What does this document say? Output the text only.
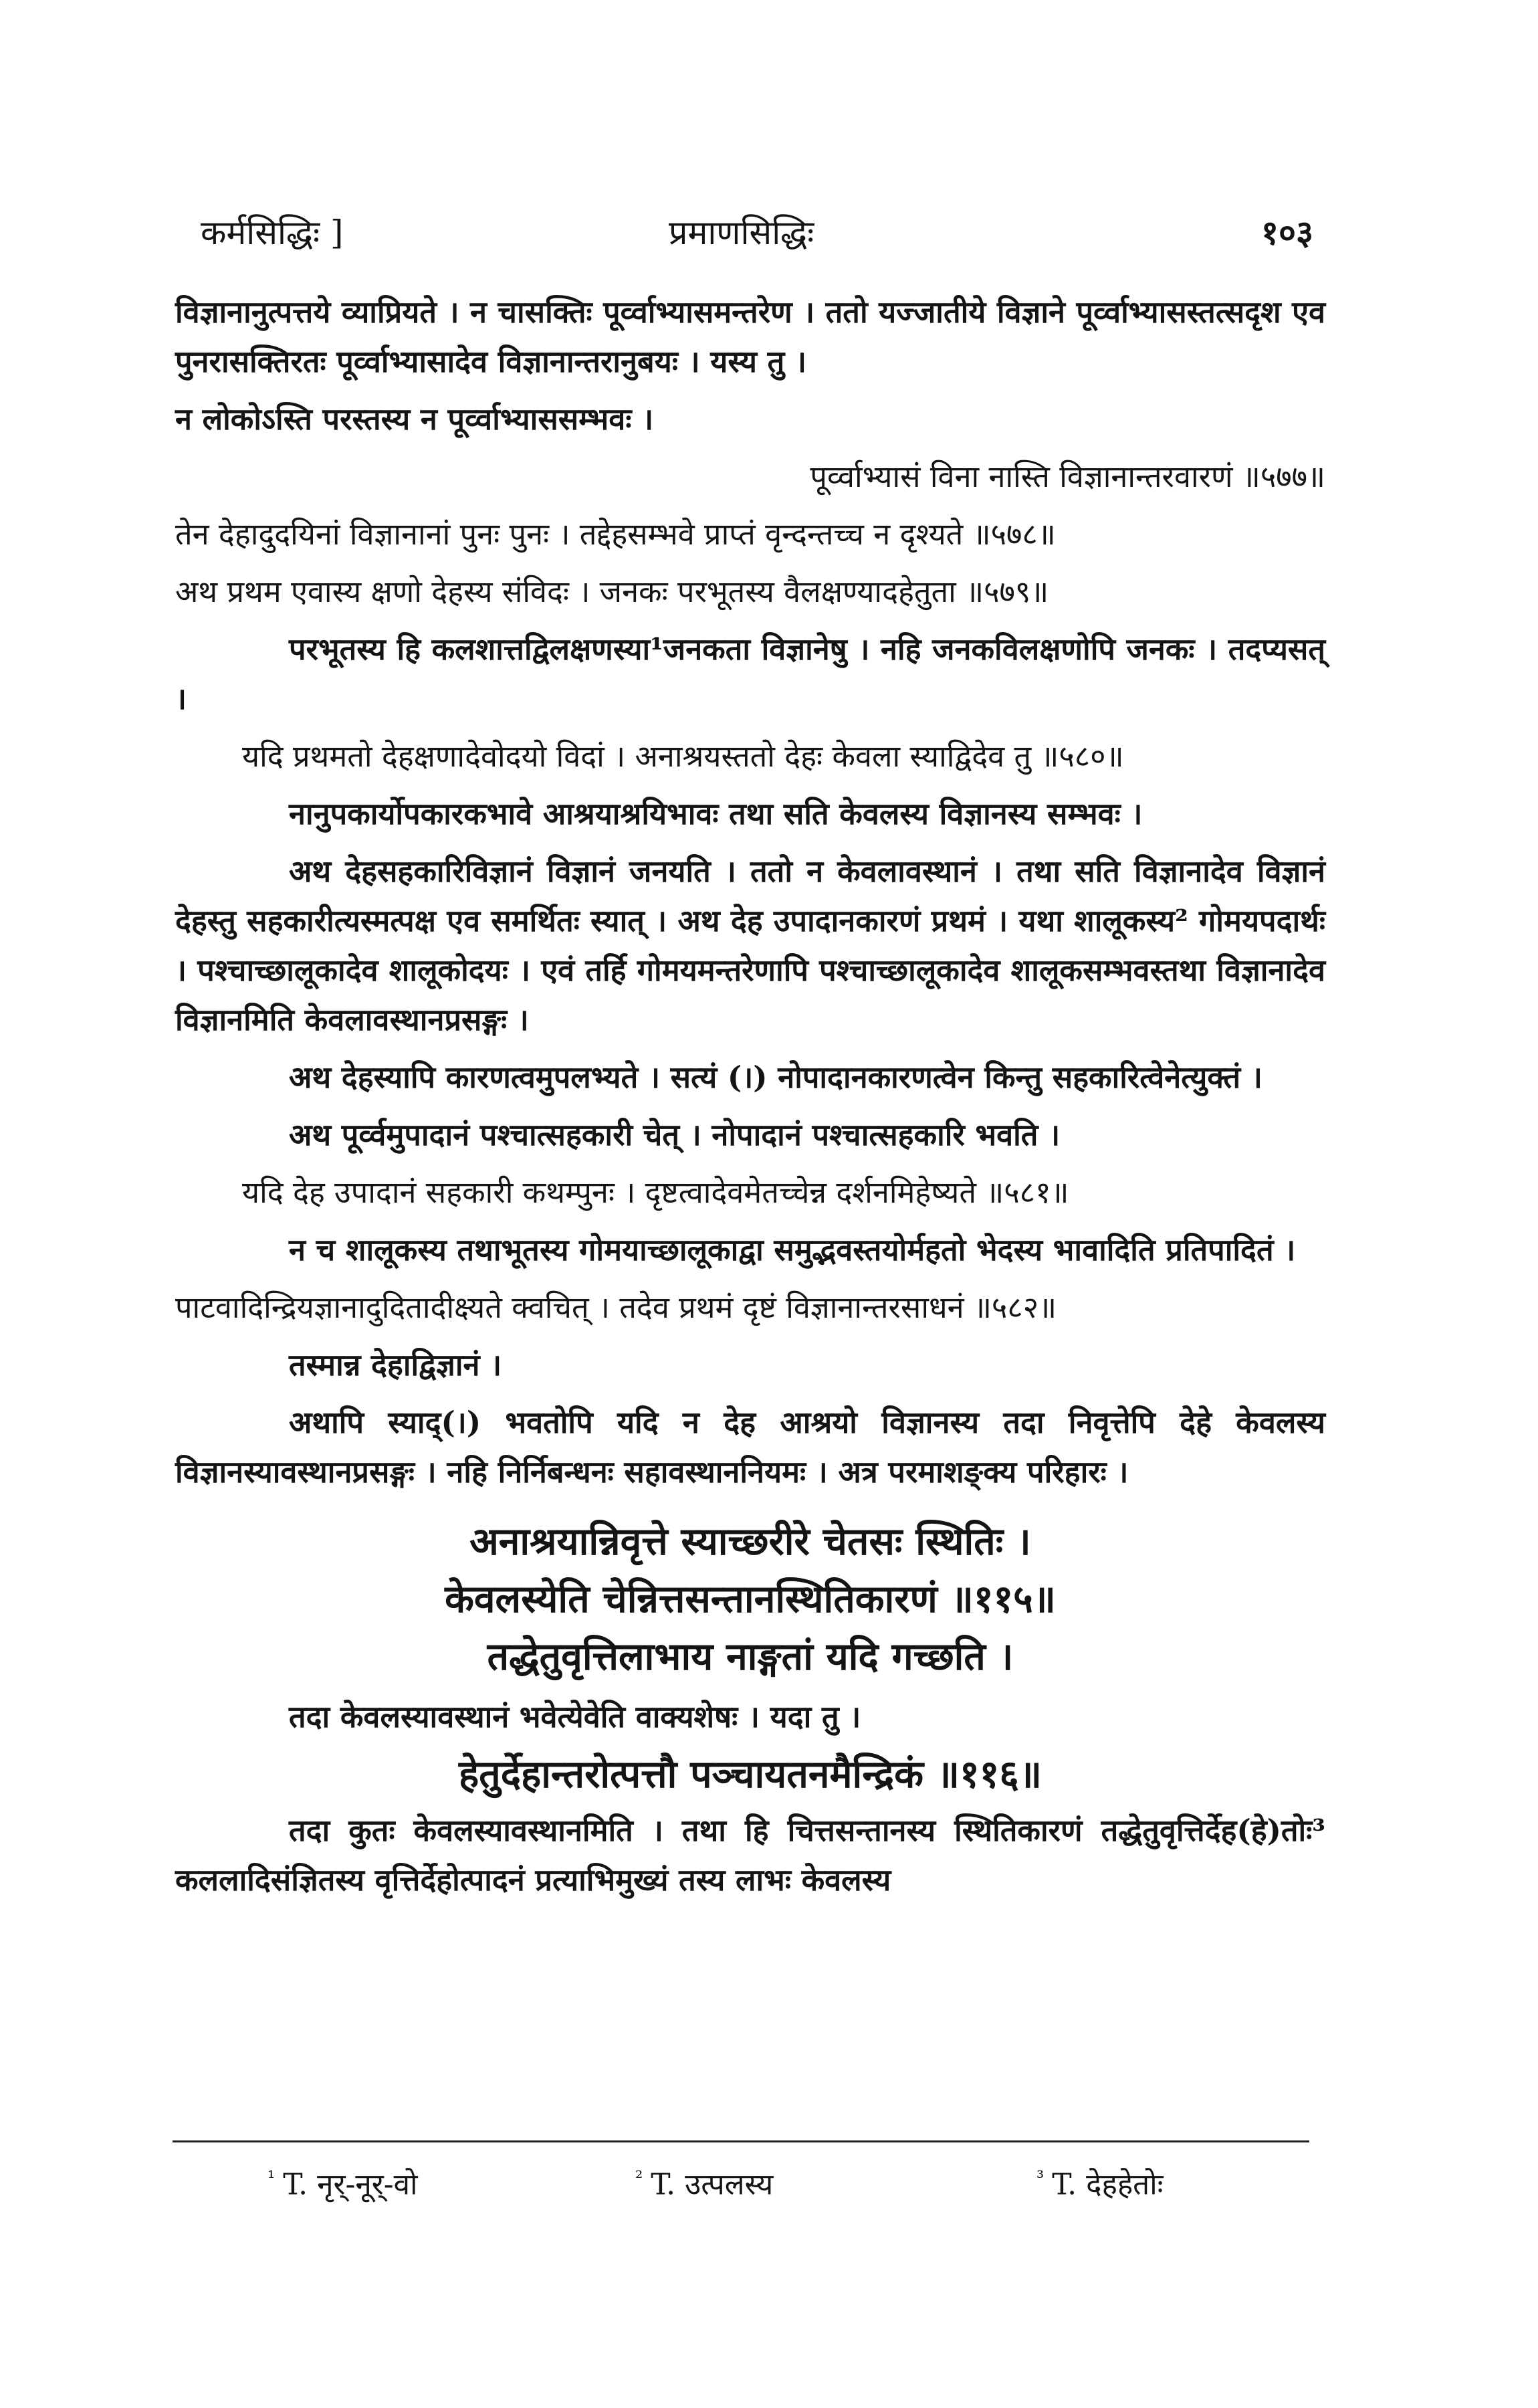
कर्मसिद्धिः ]	प्रमाणसिद्धिः	१०३

विज्ञानानुत्पत्तये व्याप्रियते । न चासक्तिः पूर्व्वाभ्यासमन्तरेण । ततो यज्जातीये विज्ञाने पूर्व्वाभ्यासस्तत्सदृश एव पुनरासक्तिरतः पूर्व्वाभ्यासादेव विज्ञानान्तरानुबयः । यस्य तु ।

न लोकोऽस्ति परस्तस्य न पूर्व्वाभ्याससम्भवः ।

पूर्व्वाभ्यासं विना नास्ति विज्ञानान्तरवारणं ॥५७७॥

तेन देहादुदयिनां विज्ञानानां पुनः पुनः । तद्देहसम्भवे प्राप्तं वृन्दन्तच्च न दृश्यते ॥५७८॥

अथ प्रथम एवास्य क्षणो देहस्य संविदः । जनकः परभूतस्य वैलक्षण्यादहेतुता ॥५७९॥

परभूतस्य हि कलशात्तद्विलक्षणस्या¹जनकता विज्ञानेषु । नहि जनकविलक्षणोपि जनकः । तदप्यसत् ।

यदि प्रथमतो देहक्षणादेवोदयो विदां । अनाश्रयस्ततो देहः केवला स्याद्विदेव तु ॥५८०॥

नानुपकार्योपकारकभावे आश्रयाश्रयिभावः तथा सति केवलस्य विज्ञानस्य सम्भवः ।

अथ देहसहकारिविज्ञानं विज्ञानं जनयति । ततो न केवलावस्थानं । तथा सति विज्ञानादेव विज्ञानं देहस्तु सहकारीत्यस्मत्पक्ष एव समर्थितः स्यात् । अथ देह उपादानकारणं प्रथमं । यथा शालूकस्य² गोमयपदार्थः । पश्चाच्छालूकादेव शालूकोदयः । एवं तर्हि गोमयमन्तरेणापि पश्चाच्छालूकादेव शालूकसम्भवस्तथा विज्ञानादेव विज्ञानमिति केवलावस्थानप्रसङ्गः ।

अथ देहस्यापि कारणत्वमुपलभ्यते । सत्यं (।) नोपादानकारणत्वेन किन्तु सहकारित्वेनेत्युक्तं ।

अथ पूर्व्वमुपादानं पश्चात्सहकारी चेत् । नोपादानं पश्चात्सहकारि भवति ।

यदि देह उपादानं सहकारी कथम्पुनः । दृष्टत्वादेवमेतच्चेन्न दर्शनमिहेष्यते ॥५८१॥

न च शालूकस्य तथाभूतस्य गोमयाच्छालूकाद्वा समुद्भवस्तयोर्महतो भेदस्य भावादिति प्रतिपादितं ।

पाटवादिन्द्रियज्ञानादुदितादीक्ष्यते क्वचित् । तदेव प्रथमं दृष्टं विज्ञानान्तरसाधनं ॥५८२॥

तस्मान्न देहाद्विज्ञानं ।

अथापि स्याद्(।) भवतोपि यदि न देह आश्रयो विज्ञानस्य तदा निवृत्तेपि देहे केवलस्य विज्ञानस्यावस्थानप्रसङ्गः । नहि निर्निबन्धनः सहावस्थाननियमः । अत्र परमाशङ्क्य परिहारः ।

अनाश्रयान्निवृत्ते स्याच्छरीरे चेतसः स्थितिः ।
केवलस्येति चेन्नित्तसन्तानस्थितिकारणं ॥११५॥
तद्धेतुवृत्तिलाभाय नाङ्गतां यदि गच्छति ।

तदा केवलस्यावस्थानं भवेत्येवेति वाक्यशेषः । यदा तु ।

हेतुर्देहान्तरोत्पत्तौ पञ्चायतनमैन्द्रिकं ॥११६॥

तदा कुतः केवलस्यावस्थानमिति । तथा हि चित्तसन्तानस्य स्थितिकारणं तद्धेतुवृत्तिर्देह(हे)तोः³ कललादिसंज्ञितस्य वृत्तिर्देहोत्पादनं प्रत्याभिमुख्यं तस्य लाभः केवलस्य

$^{^1}$ T. नृर्-नूर्-वो	$^{^2}$ T. उत्पलस्य	$^{^3}$ T. देहहेतोः
